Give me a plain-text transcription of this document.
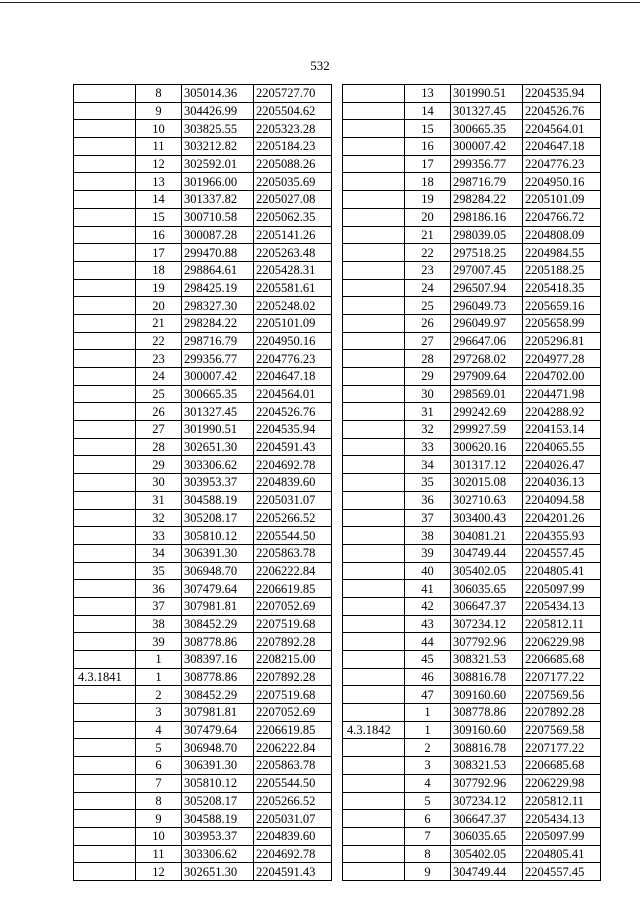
532
	8	305014.36	2205727.70
	9	304426.99	2205504.62
	10	303825.55	2205323.28
	11	303212.82	2205184.23
	12	302592.01	2205088.26
	13	301966.00	2205035.69
	14	301337.82	2205027.08
	15	300710.58	2205062.35
	16	300087.28	2205141.26
	17	299470.88	2205263.48
	18	298864.61	2205428.31
	19	298425.19	2205581.61
	20	298327.30	2205248.02
	21	298284.22	2205101.09
	22	298716.79	2204950.16
	23	299356.77	2204776.23
	24	300007.42	2204647.18
	25	300665.35	2204564.01
	26	301327.45	2204526.76
	27	301990.51	2204535.94
	28	302651.30	2204591.43
	29	303306.62	2204692.78
	30	303953.37	2204839.60
	31	304588.19	2205031.07
	32	305208.17	2205266.52
	33	305810.12	2205544.50
	34	306391.30	2205863.78
	35	306948.70	2206222.84
	36	307479.64	2206619.85
	37	307981.81	2207052.69
	38	308452.29	2207519.68
	39	308778.86	2207892.28
	1	308397.16	2208215.00
4.3.1841	1	308778.86	2207892.28
	2	308452.29	2207519.68
	3	307981.81	2207052.69
	4	307479.64	2206619.85
	5	306948.70	2206222.84
	6	306391.30	2205863.78
	7	305810.12	2205544.50
	8	305208.17	2205266.52
	9	304588.19	2205031.07
	10	303953.37	2204839.60
	11	303306.62	2204692.78
	12	302651.30	2204591.43
	13	301990.51	2204535.94
	14	301327.45	2204526.76
	15	300665.35	2204564.01
	16	300007.42	2204647.18
	17	299356.77	2204776.23
	18	298716.79	2204950.16
	19	298284.22	2205101.09
	20	298186.16	2204766.72
	21	298039.05	2204808.09
	22	297518.25	2204984.55
	23	297007.45	2205188.25
	24	296507.94	2205418.35
	25	296049.73	2205659.16
	26	296049.97	2205658.99
	27	296647.06	2205296.81
	28	297268.02	2204977.28
	29	297909.64	2204702.00
	30	298569.01	2204471.98
	31	299242.69	2204288.92
	32	299927.59	2204153.14
	33	300620.16	2204065.55
	34	301317.12	2204026.47
	35	302015.08	2204036.13
	36	302710.63	2204094.58
	37	303400.43	2204201.26
	38	304081.21	2204355.93
	39	304749.44	2204557.45
	40	305402.05	2204805.41
	41	306035.65	2205097.99
	42	306647.37	2205434.13
	43	307234.12	2205812.11
	44	307792.96	2206229.98
	45	308321.53	2206685.68
	46	308816.78	2207177.22
	47	309160.60	2207569.56
	1	308778.86	2207892.28
4.3.1842	1	309160.60	2207569.58
	2	308816.78	2207177.22
	3	308321.53	2206685.68
	4	307792.96	2206229.98
	5	307234.12	2205812.11
	6	306647.37	2205434.13
	7	306035.65	2205097.99
	8	305402.05	2204805.41
	9	304749.44	2204557.45
